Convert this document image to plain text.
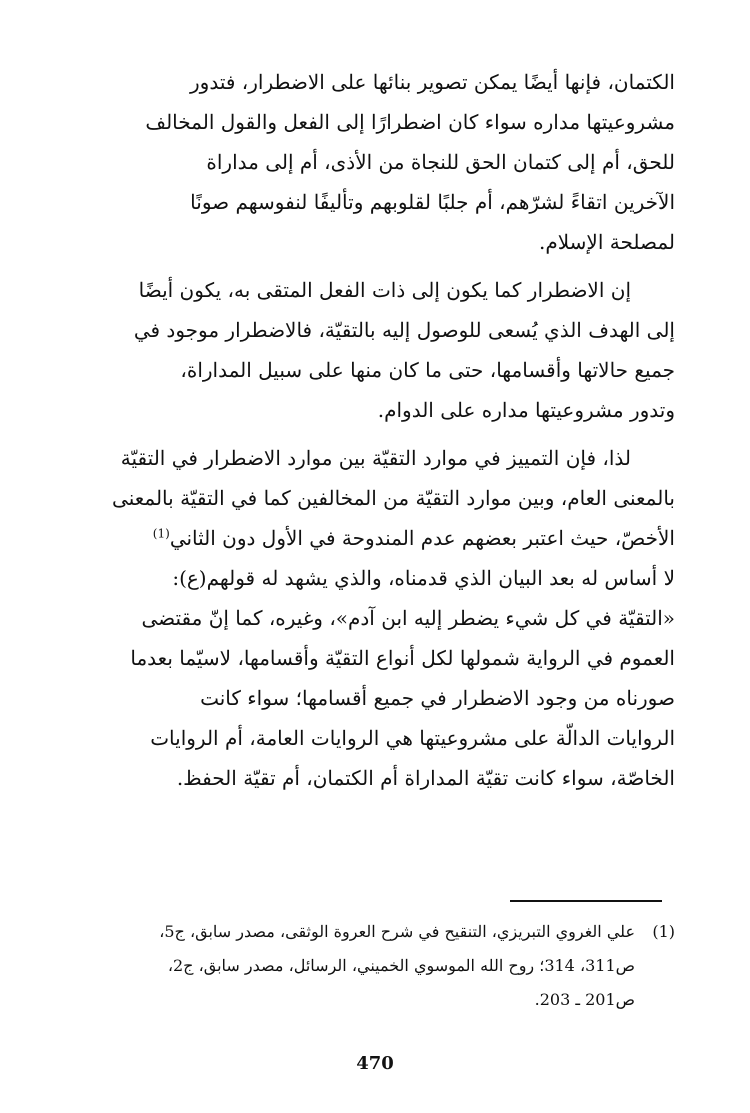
الكتمان، فإنها أيضًا يمكن تصوير بنائها على الاضطرار، فتدور
مشروعيتها مداره سواء كان اضطرارًا إلى الفعل والقول المخالف
للحق، أم إلى كتمان الحق للنجاة من الأذى، أم إلى مداراة
الآخرين اتقاءً لشرّهم، أم جلبًا لقلوبهم وتأليفًا لنفوسهم صونًا
لمصلحة الإسلام.
إن الاضطرار كما يكون إلى ذات الفعل المتقى به، يكون أيضًا
إلى الهدف الذي يُسعى للوصول إليه بالتقيّة، فالاضطرار موجود في
جميع حالاتها وأقسامها، حتى ما كان منها على سبيل المداراة،
وتدور مشروعيتها مداره على الدوام.
لذا، فإن التمييز في موارد التقيّة بين موارد الاضطرار في التقيّة
بالمعنى العام، وبين موارد التقيّة من المخالفين كما في التقيّة بالمعنى
الأخصّ، حيث اعتبر بعضهم عدم المندوحة في الأول دون الثاني$^{(1)}$
لا أساس له بعد البيان الذي قدمناه، والذي يشهد له قولهم(ع):
«التقيّة في كل شيء يضطر إليه ابن آدم»، وغيره، كما إنّ مقتضى
العموم في الرواية شمولها لكل أنواع التقيّة وأقسامها، لاسيّما بعدما
صورناه من وجود الاضطرار في جميع أقسامها؛ سواء كانت
الروايات الدالّة على مشروعيتها هي الروايات العامة، أم الروايات
الخاصّة، سواء كانت تقيّة المداراة أم الكتمان، أم تقيّة الحفظ.
(1)علي الغروي التبريزي، التنقيح في شرح العروة الوثقى، مصدر سابق، ج5،
ص311، 314؛ روح الله الموسوي الخميني، الرسائل، مصدر سابق، ج2،
ص201 ـ 203.
470
